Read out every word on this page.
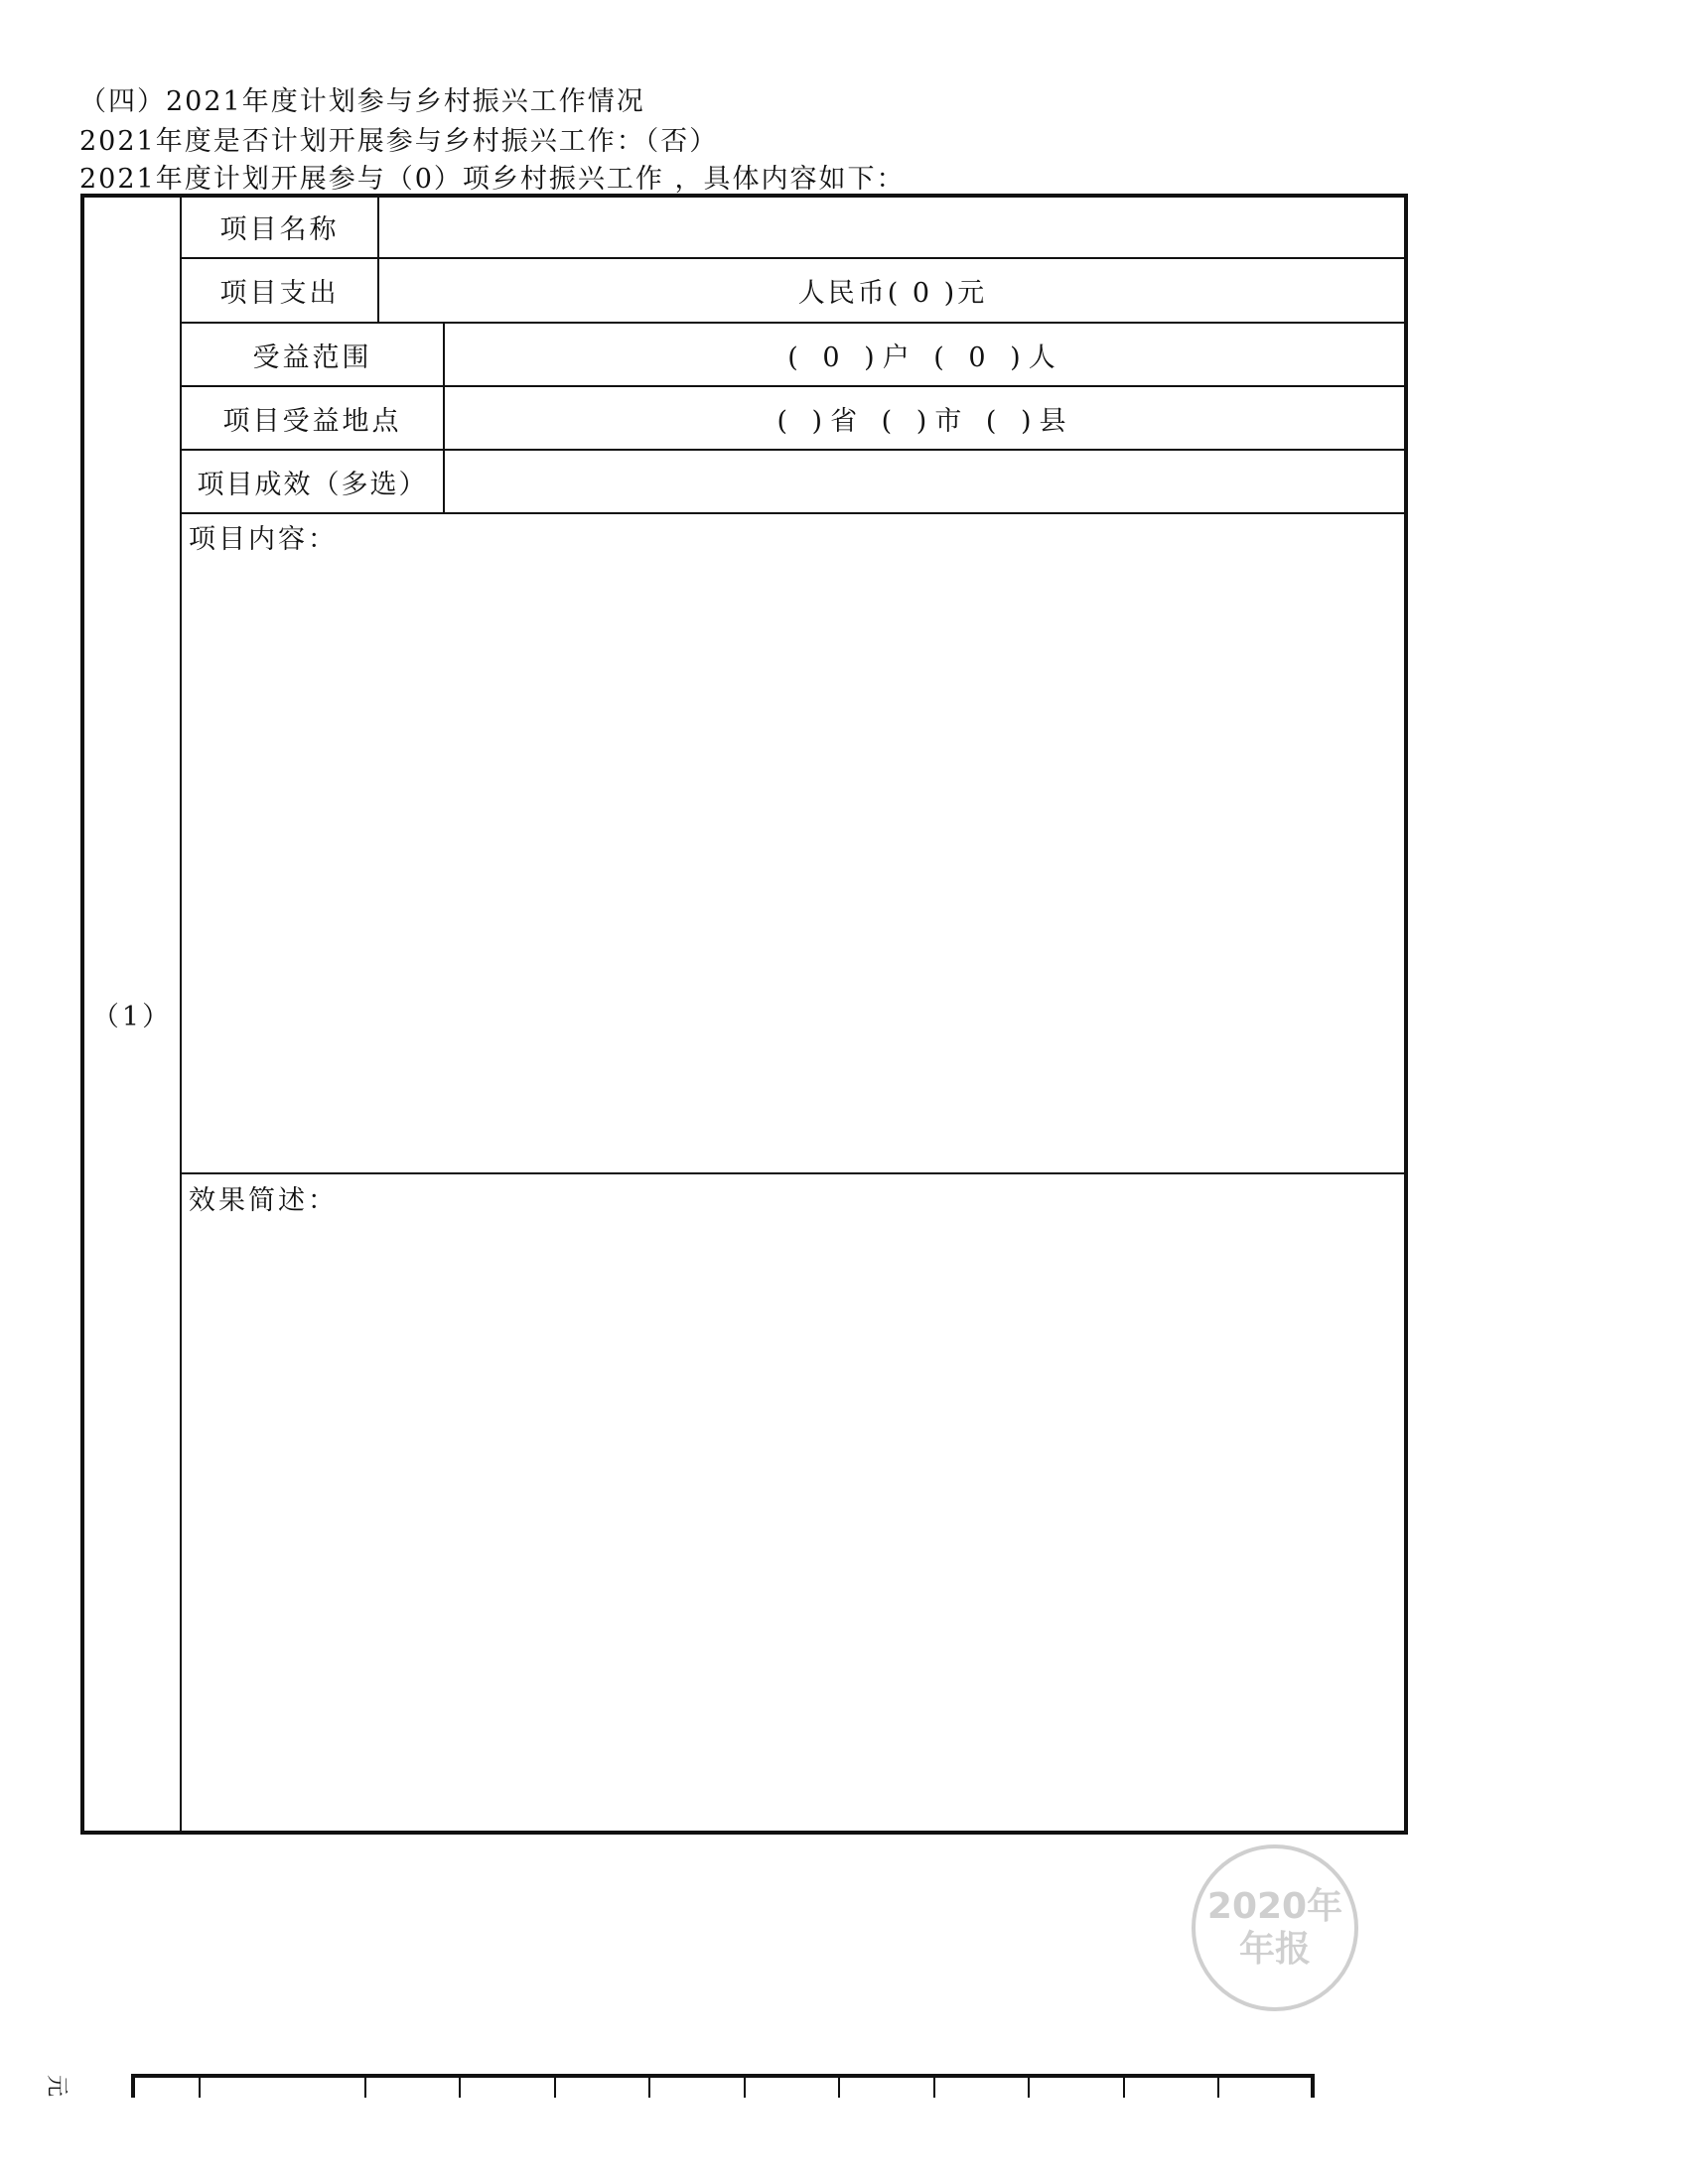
（四）2021年度计划参与乡村振兴工作情况
2021年度是否计划开展参与乡村振兴工作：（否）
2021年度计划开展参与（0）项乡村振兴工作 ，具体内容如下：
（1）
项目名称
项目支出	人民币( 0 )元
受益范围	( 0 )户 ( 0 )人
项目受益地点	( )省 ( )市 ( )县
项目成效（多选）
项目内容：
效果简述：
2020年
年报
元
